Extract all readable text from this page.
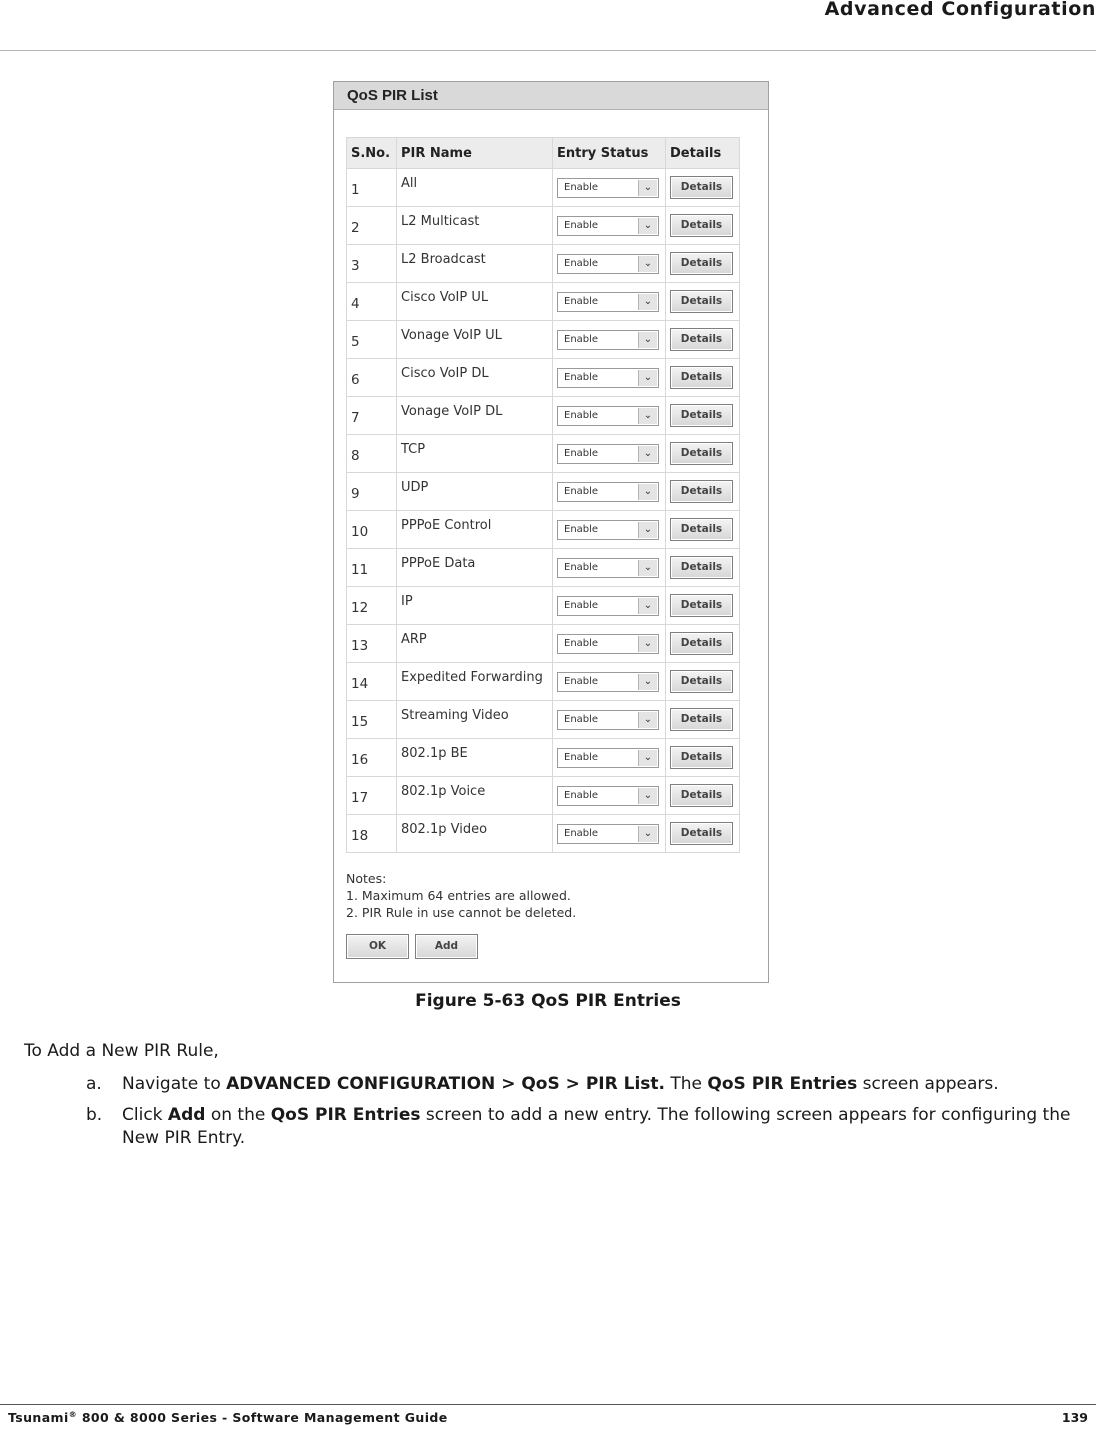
Advanced Configuration
QoS PIR List
S.No.	PIR Name	Entry Status	Details
1	All	Enable ⌄	Details
2	L2 Multicast	Enable ⌄	Details
3	L2 Broadcast	Enable ⌄	Details
4	Cisco VoIP UL	Enable ⌄	Details
5	Vonage VoIP UL	Enable ⌄	Details
6	Cisco VoIP DL	Enable ⌄	Details
7	Vonage VoIP DL	Enable ⌄	Details
8	TCP	Enable ⌄	Details
9	UDP	Enable ⌄	Details
10	PPPoE Control	Enable ⌄	Details
11	PPPoE Data	Enable ⌄	Details
12	IP	Enable ⌄	Details
13	ARP	Enable ⌄	Details
14	Expedited Forwarding	Enable ⌄	Details
15	Streaming Video	Enable ⌄	Details
16	802.1p BE	Enable ⌄	Details
17	802.1p Voice	Enable ⌄	Details
18	802.1p Video	Enable ⌄	Details
Notes:
1. Maximum 64 entries are allowed.
2. PIR Rule in use cannot be deleted.
OK	Add
Figure 5-63 QoS PIR Entries
To Add a New PIR Rule,
a. Navigate to ADVANCED CONFIGURATION > QoS > PIR List. The QoS PIR Entries screen appears.
b. Click Add on the QoS PIR Entries screen to add a new entry. The following screen appears for configuring the New PIR Entry.
Tsunami® 800 & 8000 Series - Software Management Guide	139
